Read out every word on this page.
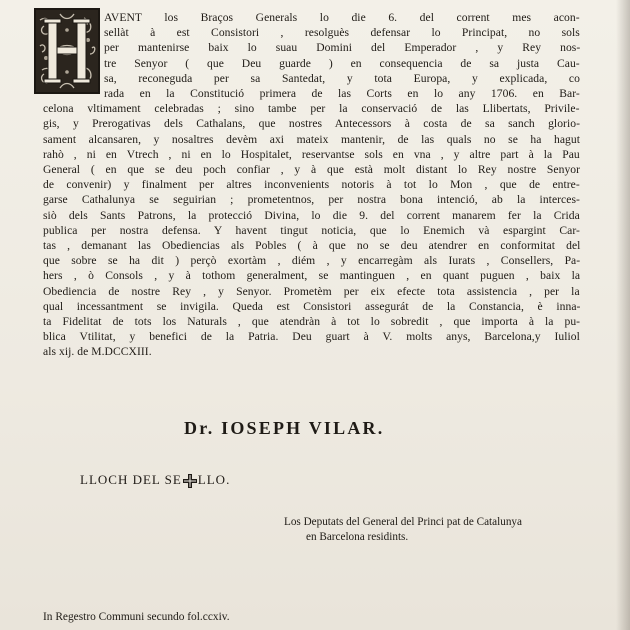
AVENT los Braços Generals lo die 6. del corrent mes acon-
sellàt à est Consistori , resolguès defensar lo Principat, no sols
per mantenirse baix lo suau Domini del Emperador , y Rey nos-
tre Senyor ( que Deu guarde ) en consequencia de sa justa Cau-
sa, reconeguda per sa Santedat, y tota Europa, y explicada, co
rada en la Constitució primera de las Corts en lo any 1706. en Bar-
celona vltimament celebradas ; sino tambe per la conservació de las Llibertats, Privile-
gis, y Prerogativas dels Cathalans, que nostres Antecessors à costa de sa sanch glorio-
sament alcansaren, y nosaltres devèm axi mateix mantenir, de las quals no se ha hagut
rahò , ni en Vtrech , ni en lo Hospitalet, reservantse sols en vna , y altre part à la Pau
General ( en que se deu poch confiar , y à que està molt distant lo Rey nostre Senyor
de convenir) y finalment per altres inconvenients notoris à tot lo Mon , que de entre-
garse Cathalunya se seguirian ; prometentnos, per nostra bona intenció, ab la interces-
siò dels Sants Patrons, la protecció Divina, lo die 9. del corrent manarem fer la Crida
publica per nostra defensa. Y havent tingut noticia, que lo Enemich và espargint Car-
tas , demanant las Obediencias als Pobles ( à que no se deu atendrer en conformitat del
que sobre se ha dit ) perçò exortàm , diém , y encarregàm als Iurats , Consellers, Pa-
hers , ò Consols , y à tothom generalment, se mantinguen , en quant puguen , baix la
Obediencia de nostre Rey , y Senyor. Prometèm per eix efecte tota assistencia , per la
qual incessantment se invigila. Queda est Consistori assegurát de la Constancia, è inna-
ta Fidelitat de tots los Naturals , que atendràn à tot lo sobredit , que importa à la pu-
blica Vtilitat, y benefici de la Patria. Deu guart à V. molts anys, Barcelona,y Iuliol
als xij. de M.DCCXIII.
Dr. IOSEPH VILAR.
LLOCH DEL SE LLO.
Los Deputats del General del Princi pat de Catalunya
en Barcelona residints.
In Regestro Communi secundo fol.ccxiv.
